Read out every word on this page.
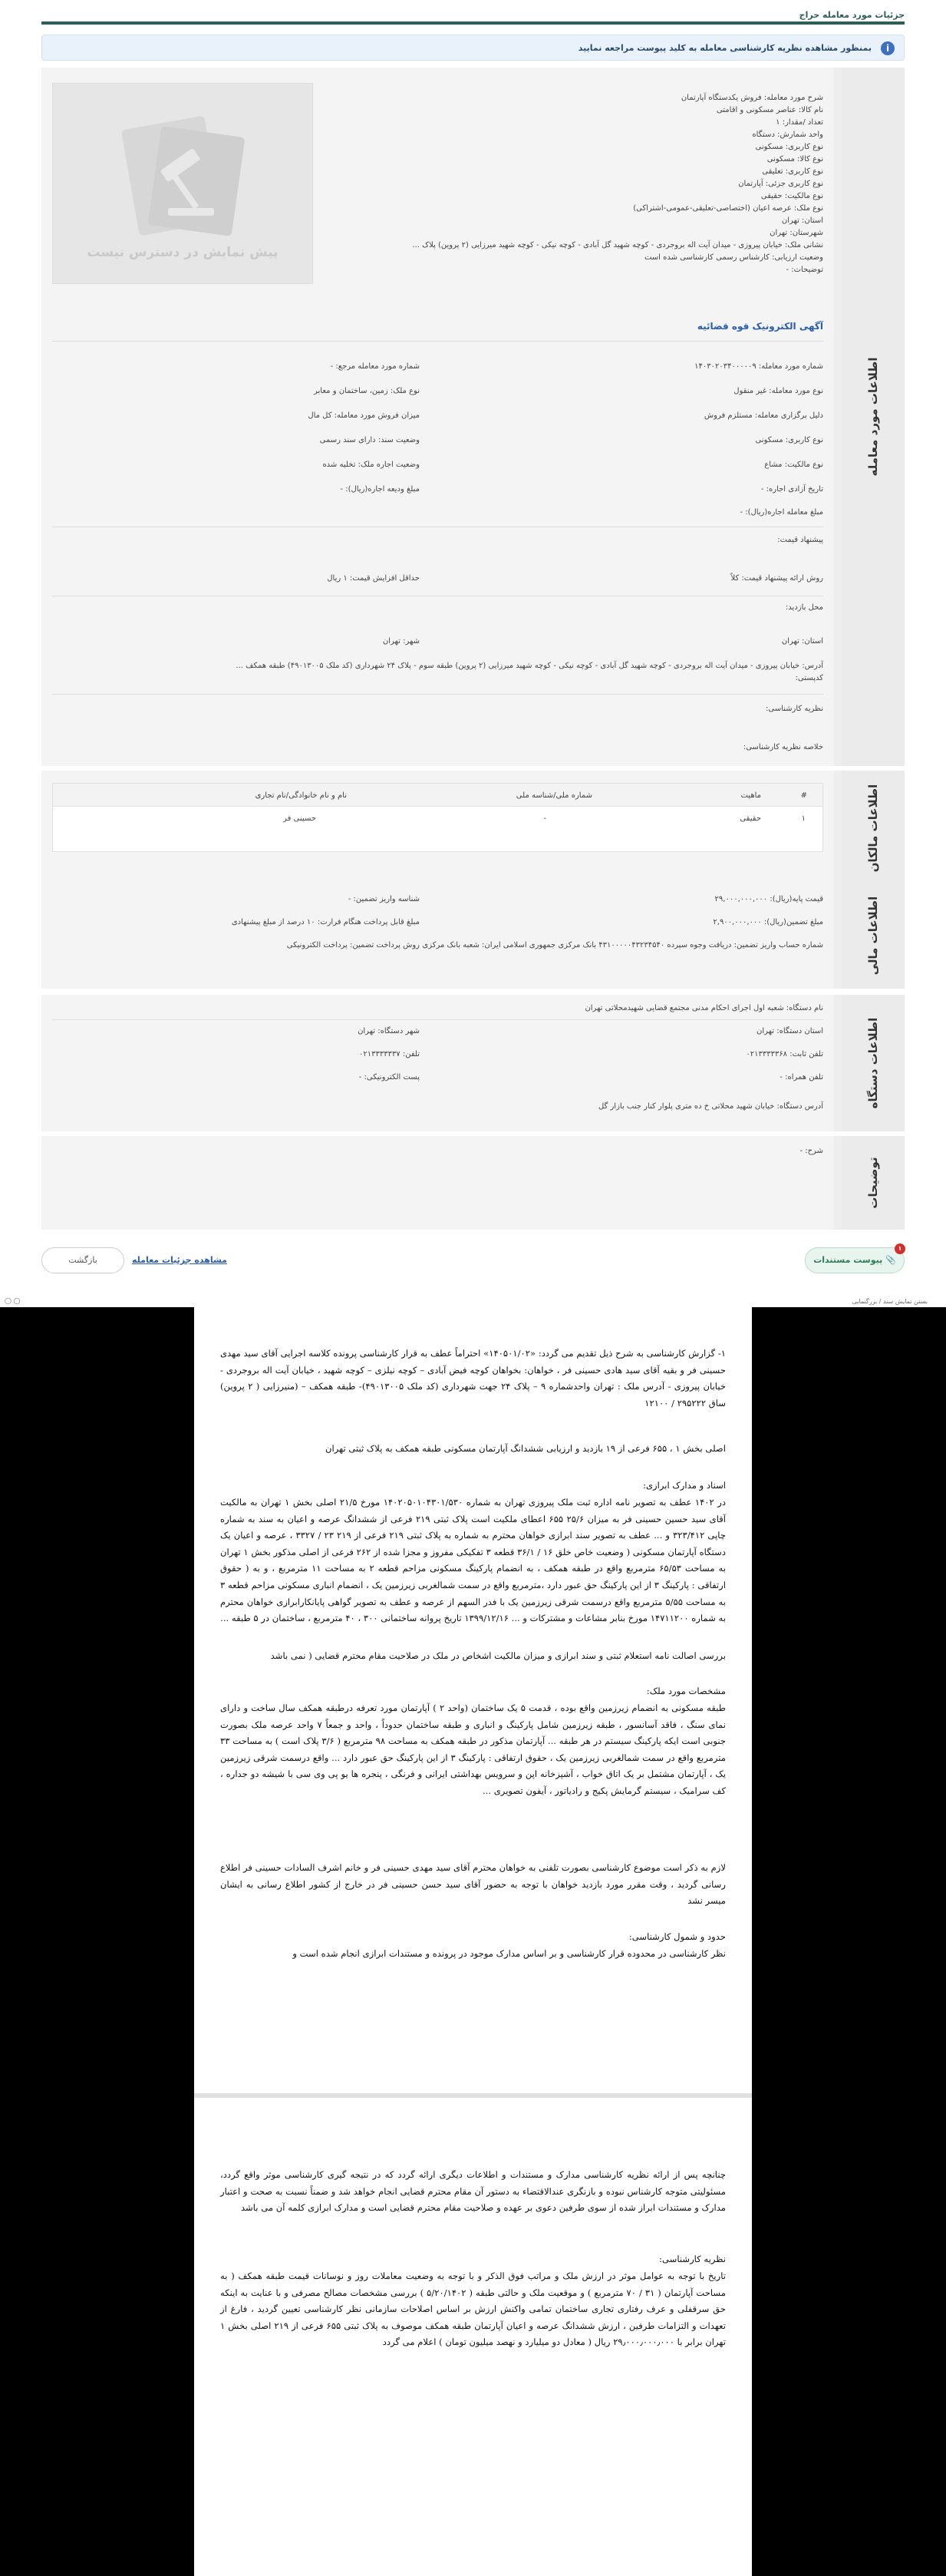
جزئیات مورد معامله حراج
i
بمنظور مشاهده نظریه کارشناسی معامله به کلید پیوست مراجعه نمایید
اطلاعات مورد معامله
پیش نمایش در دسترس نیست
شرح مورد معامله: فروش یکدستگاه آپارتمان
نام کالا: عناصر مسکونی و اقامتی
تعداد /مقدار: ۱
واحد شمارش: دستگاه
نوع کاربری: مسکونی
نوع کالا: مسکونی
نوع کاربری: تعلیقی
نوع کاربری جزئی: آپارتمان
نوع مالکیت: حقیقی
نوع ملک: عرصه اعیان (اختصاصی-تعلیقی-عمومی-اشتراکی)
استان: تهران
شهرستان: تهران
نشانی ملک: خیابان پیروزی - میدان آیت اله بروجردی - کوچه شهید گل آبادی - کوچه نیکی - کوچه شهید میرزایی (۲ پروین) پلاک ...
وضعیت ارزیابی: کارشناس رسمی کارشناسی شده است
توضیحات: -
آگهی الکترونیک قوه قضائیه
شماره مورد معامله: ۱۴۰۳۰۲۰۳۴۰۰۰۰۰۹
نوع مورد معامله: غیر منقول
دلیل برگزاری معامله: مستلزم فروش
نوع کاربری: مسکونی
نوع مالکیت: مشاع
تاریخ آزادی اجاره: -
مبلغ معامله اجاره(ریال): -
شماره مورد معامله مرجع: -
نوع ملک: زمین، ساختمان و معابر
میزان فروش مورد معامله: کل مال
وضعیت سند: دارای سند رسمی
وضعیت اجاره ملک: تخلیه شده
مبلغ ودیعه اجاره(ریال): -
پیشنهاد قیمت:
روش ارائه پیشنهاد قیمت: کلاً
حداقل افزایش قیمت: ۱ ریال
محل بازدید:
استان: تهران
شهر: تهران
آدرس: خیابان پیروزی - میدان آیت اله بروجردی - کوچه شهید گل آبادی - کوچه نیکی - کوچه شهید میرزایی (۲ پروین) طبقه سوم - پلاک ۲۴ شهرداری (کد ملک ۴۹۰۱۳۰۰۵) طبقه همکف ...
کدپستی:
نظریه کارشناسی:
خلاصه نظریه کارشناسی:
اطلاعات مالکان
#
ماهیت
شماره ملی/شناسه ملی
نام و نام خانوادگی/نام تجاری
۱
حقیقی
-
حسینی فر
اطلاعات مالی
قیمت پایه(ریال): ۲۹,۰۰۰,۰۰۰,۰۰۰
شناسه واریز تضمین: -
مبلغ تضمین(ریال): ۲,۹۰۰,۰۰۰,۰۰۰
مبلغ قابل پرداخت هنگام فرارت: ۱۰ درصد از مبلغ پیشنهادی
شماره حساب واریز تضمین: دریافت وجوه سپرده ۴۳۱۰۰۰۰۰۴۳۲۳۴۵۴۰ بانک مرکزی جمهوری اسلامی ایران: شعبه بانک مرکزی
روش پرداخت تضمین: پرداخت الکترونیکی
اطلاعات دستگاه
نام دستگاه: شعبه اول اجرای احکام مدنی مجتمع قضایی شهیدمحلاتی تهران
استان دستگاه: تهران
شهر دستگاه: تهران
تلفن ثابت: ۰۲۱۳۳۳۳۳۶۸
تلفن: ۰۲۱۳۳۳۳۳۳۷
تلفن همراه: -
پست الکترونیکی: -
آدرس دستگاه: خیابان شهید محلاتی خ ده متری پلوار کنار جنب بازار گل
توضیحات
شرح: -
۱
📎 پیوست مستندات
مشاهده جزئیات معامله
بازگشت
بستن نمایش سند / بزرگنمایی
◯ ◯
۱- گزارش کارشناسی به شرح ذیل تقدیم می گردد: «۱۴۰۵۰۱/۰۲» احتراماً عطف به قرار کارشناسی پرونده کلاسه اجرایی آقای سید مهدی حسینی فر و بقیه آقای سید هادی حسینی فر ، خواهان: بخواهان کوچه فیض آبادی – کوچه نیلزی – کوچه شهید ، خیابان آیت اله بروجردی - خیابان پیروزی - آدرس ملک : تهران واحدشماره ۹ – پلاک ۲۴ جهت شهرداری (کد ملک ۴۹۰۱۳۰۰۵)- طبقه همکف – (منیرزایی ( ۲ پروین) ساق ۲۹۵۲۲۲ / ۱۲۱۰۰
اصلی بخش ۱ ، ۶۵۵ فرعی از ۱۹ بازدید و ارزیابی ششدانگ آپارتمان مسکونی طبقه همکف به پلاک ثبتی تهران
اسناد و مدارک ابرازی:
در ۱۴۰۲ عطف به تصویر نامه اداره ثبت ملک پیروزی تهران به شماره ۱۴۰۲۰۵۰۱۰۴۳۰۱/۵۳۰ مورخ ۲۱/۵ اصلی بخش ۱ تهران به مالکیت آقای سید حسین حسینی فر به میزان ۲۵/۶ ۶۵۵ اعطای ملکیت است پلاک ثبتی ۲۱۹ فرعی از ششدانگ عرصه و اعیان به سند به شماره چاپی ۳۲۳/۴۱۲ و ... عطف به تصویر سند ابرازی خواهان محترم به شماره به پلاک ثبتی ۲۱۹ فرعی از ۲۱۹ ۲۳ / ۳۳۲۷ ، عرصه و اعیان یک دستگاه آپارتمان مسکونی ( وضعیت خاص خلق ۱۶ / ۳۶/۱ قطعه ۳ تفکیکی مفروز و مجزا شده از ۲۶۲ فرعی از اصلی مذکور بخش ۱ تهران به مساحت ۶۵/۵۳ مترمربع واقع در طبقه همکف ، به انضمام پارکینگ مسکونی مزاحم قطعه ۲ به مساحت ۱۱ مترمربع ، و به ( حقوق ارتفاقی : پارکینگ ۳ از این پارکینگ حق عبور دارد ،مترمربع واقع در سمت شمالغربی زیرزمین یک ، انضمام انباری مسکونی مزاحم قطعه ۳ به مساحت ۵/۵۵ مترمربع واقع درسمت شرقی زیرزمین یک با فدر السهم از عرصه و عطف به تصویر گواهی پایانکارابرازی خواهان محترم به شماره ۱۴۷۱۱۲۰۰ مورخ بنابر مشاعات و مشترکات و ... ۱۳۹۹/۱۲/۱۶ تاریخ پروانه ساختمانی ۳۰۰ ، ۴۰ مترمربع ، ساختمان در ۵ طبقه ...
بررسی اصالت نامه استعلام ثبتی و سند ابرازی و میزان مالکیت اشخاص در ملک در صلاحیت مقام محترم قضایی ( نمی باشد
مشخصات مورد ملک:
طبقه مسکونی به انضمام زیرزمین واقع بوده ، قدمت ۵ یک ساختمان (واحد ۲ ) آپارتمان مورد تعرفه درطبقه همکف سال ساخت و دارای نمای سنگ ، فاقد آسانسور ، طبقه زیرزمین شامل پارکینگ و انباری و طبقه ساختمان حدوداً ، واحد و جمعاً ۷ واحد عرصه ملک بصورت جنوبی است ایکه پارکینگ سیستم در هر طبقه ... آپارتمان مذکور در طبقه همکف به مساحت ۹۸ مترمربع ( ۳/۶ پلاک است ) به مساحت ۳۳ مترمربع واقع در سمت شمالغربی زیرزمین یک ، حقوق ارتفاقی : پارکینگ ۳ از این پارکینگ حق عبور دارد ... واقع درسمت شرقی زیرزمین یک ، آپارتمان مشتمل بر یک اتاق خواب ، آشپزخانه اپن و سرویس بهداشتی ایرانی و فرنگی ، پنجره ها یو پی وی سی با شیشه دو جداره ، کف سرامیک ، سیستم گرمایش پکیج و رادیاتور ، آیفون تصویری ...
لازم به ذکر است موضوع کارشناسی بصورت تلفنی به خواهان محترم آقای سید مهدی حسینی فر و خانم اشرف السادات حسینی فر اطلاع رسانی گردید ، وقت مقرر مورد بازدید خواهان با توجه به حضور آقای سید حسن حسینی فر در خارج از کشور اطلاع رسانی به ایشان میسر نشد
حدود و شمول کارشناسی:
نظر کارشناسی در محدوده قرار کارشناسی و بر اساس مدارک موجود در پرونده و مستندات ابرازی انجام شده است و
چنانچه پس از ارائه نظریه کارشناسی مدارک و مستندات و اطلاعات دیگری ارائه گردد که در نتیجه گیری کارشناسی موثر واقع گردد، مسئولیتی متوجه کارشناس نبوده و بازنگری عندالاقتضاء به دستور آن مقام محترم قضایی انجام خواهد شد و ضمناً نسبت به صحت و اعتبار مدارک و مستندات ابراز شده از سوی طرفین دعوی بر عهده و صلاحیت مقام محترم قضایی است و مدارک ابرازی کلمه آن می باشد
نظریه کارشناسی:
تاریخ با توجه به عوامل موثر در ارزش ملک و مراتب فوق الذکر و با توجه به وضعیت معاملات روز و نوسانات قیمت طبقه همکف ( به مساحت آپارتمان ( ۳۱ / ۷۰ مترمربع ) و موقعیت ملک و حالتی طبقه ( ۵/۲۰/۱۴۰۲ ) بررسی مشخصات مصالح مصرفی و با عنایت به اینکه حق سرقفلی و عرف رفتاری تجاری ساختمان تمامی واکنش ارزش بر اساس اصلاحات سازمانی نظر کارشناسی تعیین گردید ، فارغ از تعهدات و التزامات طرفین ، ارزش ششدانگ عرصه و اعیان آپارتمان طبقه همکف موصوف به پلاک ثبتی ۶۵۵ فرعی از ۲۱۹ اصلی بخش ۱ تهران برابر با ۲۹٫۰۰۰٫۰۰۰٫۰۰۰ ریال ( معادل دو میلیارد و نهصد میلیون تومان ) اعلام می گردد
